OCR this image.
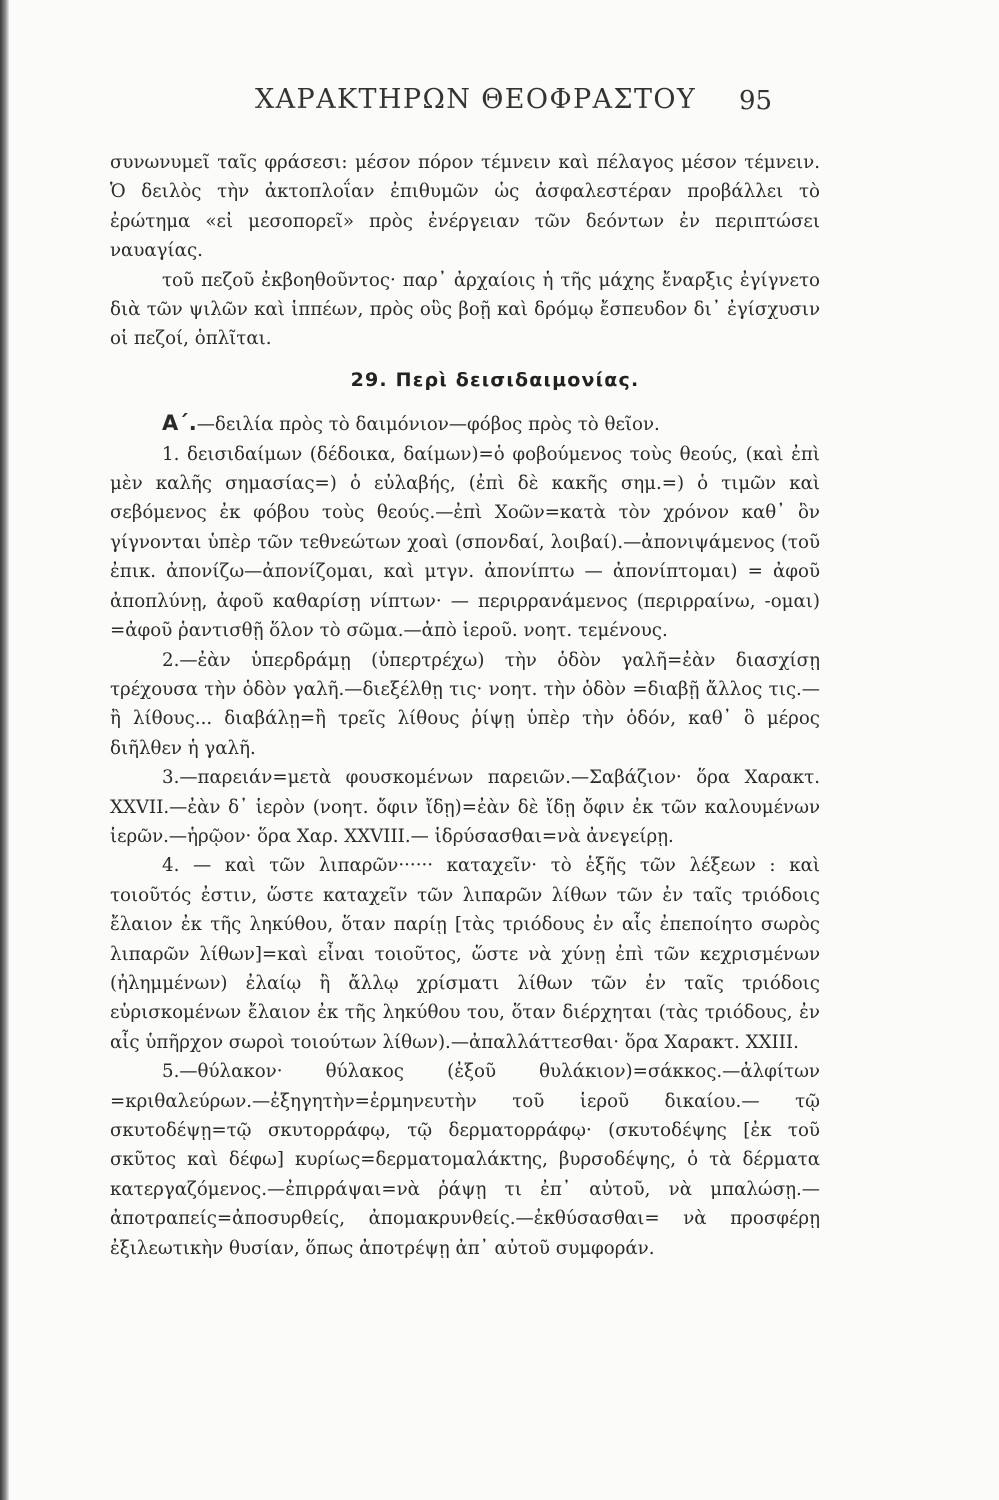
ΧΑΡΑΚΤΗΡΩΝ ΘΕΟΦΡΑΣΤΟΥ 95
συνωνυμεῖ ταῖς φράσεσι: μέσον πόρον τέμνειν καὶ πέλαγος μέσον τέμνειν. Ὁ δειλὸς τὴν ἀκτοπλοΐαν ἐπιθυμῶν ὡς ἀσφαλεστέραν προβάλλει τὸ ἐρώτημα «εἰ μεσοπορεῖ» πρὸς ἐνέργειαν τῶν δεόντων ἐν περιπτώσει ναυαγίας.
τοῦ πεζοῦ ἐκβοηθοῦντος· παρ᾽ ἀρχαίοις ἡ τῆς μάχης ἔναρξις ἐγίγνετο διὰ τῶν ψιλῶν καὶ ἱππέων, πρὸς οὓς βοῇ καὶ δρόμῳ ἔσπευδον δι᾽ ἐγίσχυσιν οἱ πεζοί, ὁπλῖται.
29. Περὶ δεισιδαιμονίας.
Α´.—δειλία πρὸς τὸ δαιμόνιον—φόβος πρὸς τὸ θεῖον.
1. δεισιδαίμων (δέδοικα, δαίμων)=ὁ φοβούμενος τοὺς θεούς, (καὶ ἐπὶ μὲν καλῆς σημασίας=) ὁ εὐλαβής, (ἐπὶ δὲ κακῆς σημ.=) ὁ τιμῶν καὶ σεβόμενος ἐκ φόβου τοὺς θεούς.—ἐπὶ Χοῶν=κατὰ τὸν χρόνον καθ᾽ ὃν γίγνονται ὑπὲρ τῶν τεθνεώτων χοαὶ (σπονδαί, λοιβαί).—ἀπονιψάμενος (τοῦ ἐπικ. ἀπονίζω—ἀπονίζομαι, καὶ μτγν. ἀπονίπτω — ἀπονίπτομαι) = ἀφοῦ ἀποπλύνῃ, ἀφοῦ καθαρίσῃ νίπτων· — περιρρανάμενος (περιρραίνω, -ομαι) =ἀφοῦ ῥαντισθῇ ὅλον τὸ σῶμα.—ἀπὸ ἱεροῦ. νοητ. τεμένους.
2.—ἐὰν ὑπερδράμῃ (ὑπερτρέχω) τὴν ὁδὸν γαλῆ=ἐὰν διασχίσῃ τρέχουσα τὴν ὁδὸν γαλῆ.—διεξέλθῃ τις· νοητ. τὴν ὁδὸν =διαβῇ ἄλλος τις.— ἢ λίθους... διαβάλῃ=ἢ τρεῖς λίθους ῥίψῃ ὑπὲρ τὴν ὁδόν, καθ᾽ ὃ μέρος διῆλθεν ἡ γαλῆ.
3.—παρειάν=μετὰ φουσκομένων παρειῶν.—Σαβάζιον· ὅρα Χαρακτ. XXVII.—ἐὰν δ᾽ ἱερὸν (νοητ. ὄφιν ἴδῃ)=ἐὰν δὲ ἴδῃ ὄφιν ἐκ τῶν καλουμένων ἱερῶν.—ἡρῷον· ὅρα Χαρ. XXVIII.— ἱδρύσασθαι=νὰ ἀνεγείρῃ.
4. — καὶ τῶν λιπαρῶν······ καταχεῖν· τὸ ἑξῆς τῶν λέξεων : καὶ τοιοῦτός ἐστιν, ὥστε καταχεῖν τῶν λιπαρῶν λίθων τῶν ἐν ταῖς τριόδοις ἔλαιον ἐκ τῆς ληκύθου, ὅταν παρίῃ [τὰς τριόδους ἐν αἷς ἐπεποίητο σωρὸς λιπαρῶν λίθων]=καὶ εἶναι τοιοῦτος, ὥστε νὰ χύνῃ ἐπὶ τῶν κεχρισμένων (ἠλημμένων) ἐλαίῳ ἢ ἄλλῳ χρίσματι λίθων τῶν ἐν ταῖς τριόδοις εὑρισκομένων ἔλαιον ἐκ τῆς ληκύθου του, ὅταν διέρχηται (τὰς τριόδους, ἐν αἷς ὑπῆρχον σωροὶ τοιούτων λίθων).—ἀπαλλάττεσθαι· ὅρα Χαρακτ. XXIII.
5.—θύλακον· θύλακος (ἐξοῦ θυλάκιον)=σάκκος.—ἀλφίτων =κριθαλεύρων.—ἐξηγητὴν=ἑρμηνευτὴν τοῦ ἱεροῦ δικαίου.— τῷ σκυτοδέψῃ=τῷ σκυτορράφῳ, τῷ δερματορράφῳ· (σκυτοδέψης [ἐκ τοῦ σκῦτος καὶ δέφω] κυρίως=δερματομαλάκτης, βυρσοδέψης, ὁ τὰ δέρματα κατεργαζόμενος.—ἐπιρράψαι=νὰ ῥάψῃ τι ἐπ᾽ αὐτοῦ, νὰ μπαλώσῃ.—ἀποτραπείς=ἀποσυρθείς, ἀπομακρυνθείς.—ἐκθύσασθαι= νὰ προσφέρῃ ἐξιλεωτικὴν θυσίαν, ὅπως ἀποτρέψῃ ἀπ᾽ αὐτοῦ συμφοράν.
